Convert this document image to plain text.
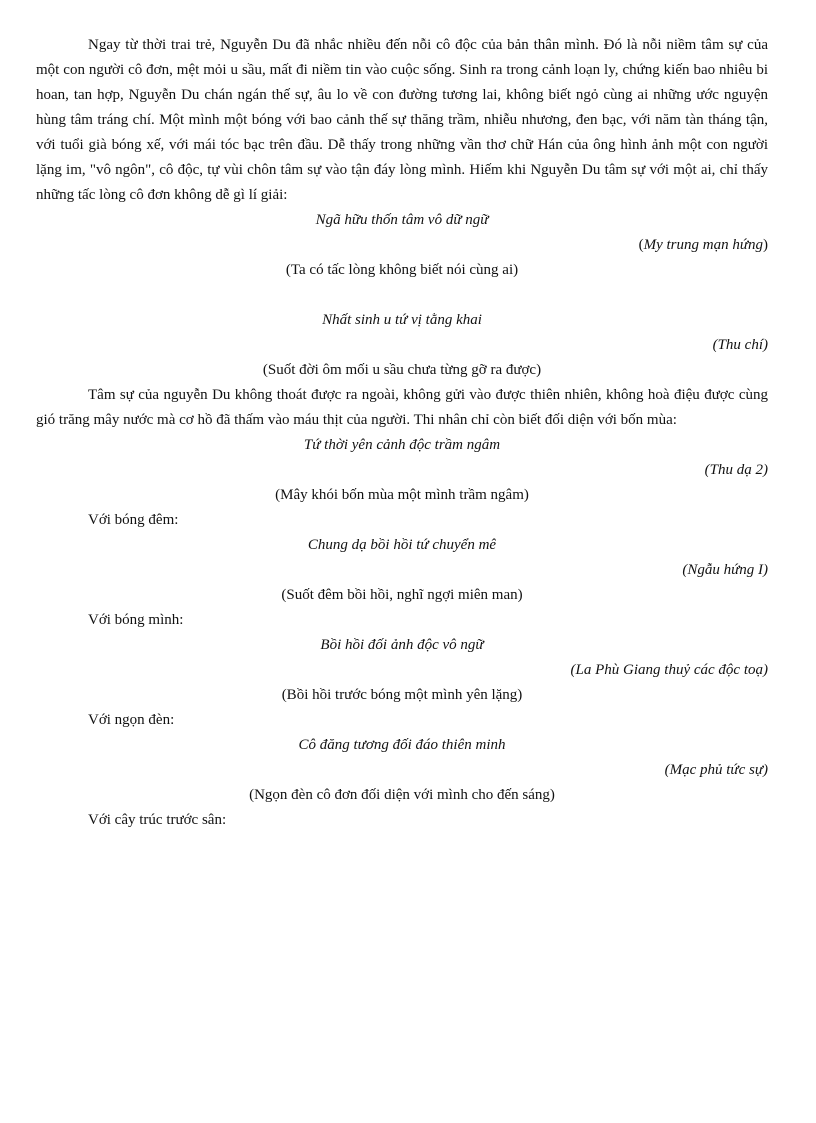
Ngay từ thời trai trẻ, Nguyễn Du đã nhắc nhiều đến nỗi cô độc của bản thân mình. Đó là nỗi niềm tâm sự của một con người cô đơn, mệt mỏi u sầu, mất đi niềm tin vào cuộc sống. Sinh ra trong cảnh loạn ly, chứng kiến bao nhiêu bi hoan, tan hợp, Nguyễn Du chán ngán thế sự, âu lo về con đường tương lai, không biết ngỏ cùng ai những ước nguyện hùng tâm tráng chí. Một mình một bóng với bao cảnh thế sự thăng trầm, nhiễu nhương, đen bạc, với năm tàn tháng tận, với tuổi già bóng xế, với mái tóc bạc trên đầu. Dễ thấy trong những vần thơ chữ Hán của ông hình ảnh một con người lặng im, "vô ngôn", cô độc, tự vùi chôn tâm sự vào tận đáy lòng mình. Hiếm khi Nguyễn Du tâm sự với một ai, chỉ thấy những tấc lòng cô đơn không dễ gì lí giải:

Ngã hữu thốn tâm vô dữ ngữ
(My trung mạn hứng)
(Ta có tấc lòng không biết nói cùng ai)
Nhất sinh u tứ vị tằng khai
(Thu chí)
(Suốt đời ôm mối u sầu chưa từng gỡ ra được)

Tâm sự của nguyễn Du không thoát được ra ngoài, không gửi vào được thiên nhiên, không hoà điệu được cùng gió trăng mây nước mà cơ hồ đã thấm vào máu thịt của người. Thi nhân chỉ còn biết đối diện với bốn mùa:

Tứ thời yên cảnh độc trầm ngâm
(Thu dạ 2)
(Mây khói bốn mùa một mình trầm ngâm)
Với bóng đêm:
Chung dạ bồi hồi tứ chuyển mê
(Ngẫu hứng I)
(Suốt đêm bồi hồi, nghĩ ngợi miên man)
Với bóng mình:
Bồi hồi đối ảnh độc vô ngữ
(La Phù Giang thuỷ các độc toạ)
(Bồi hồi trước bóng một mình yên lặng)
Với ngọn đèn:
Cô đăng tương đối đáo thiên minh
(Mạc phủ tức sự)
(Ngọn đèn cô đơn đối diện với mình cho đến sáng)
Với cây trúc trước sân:
